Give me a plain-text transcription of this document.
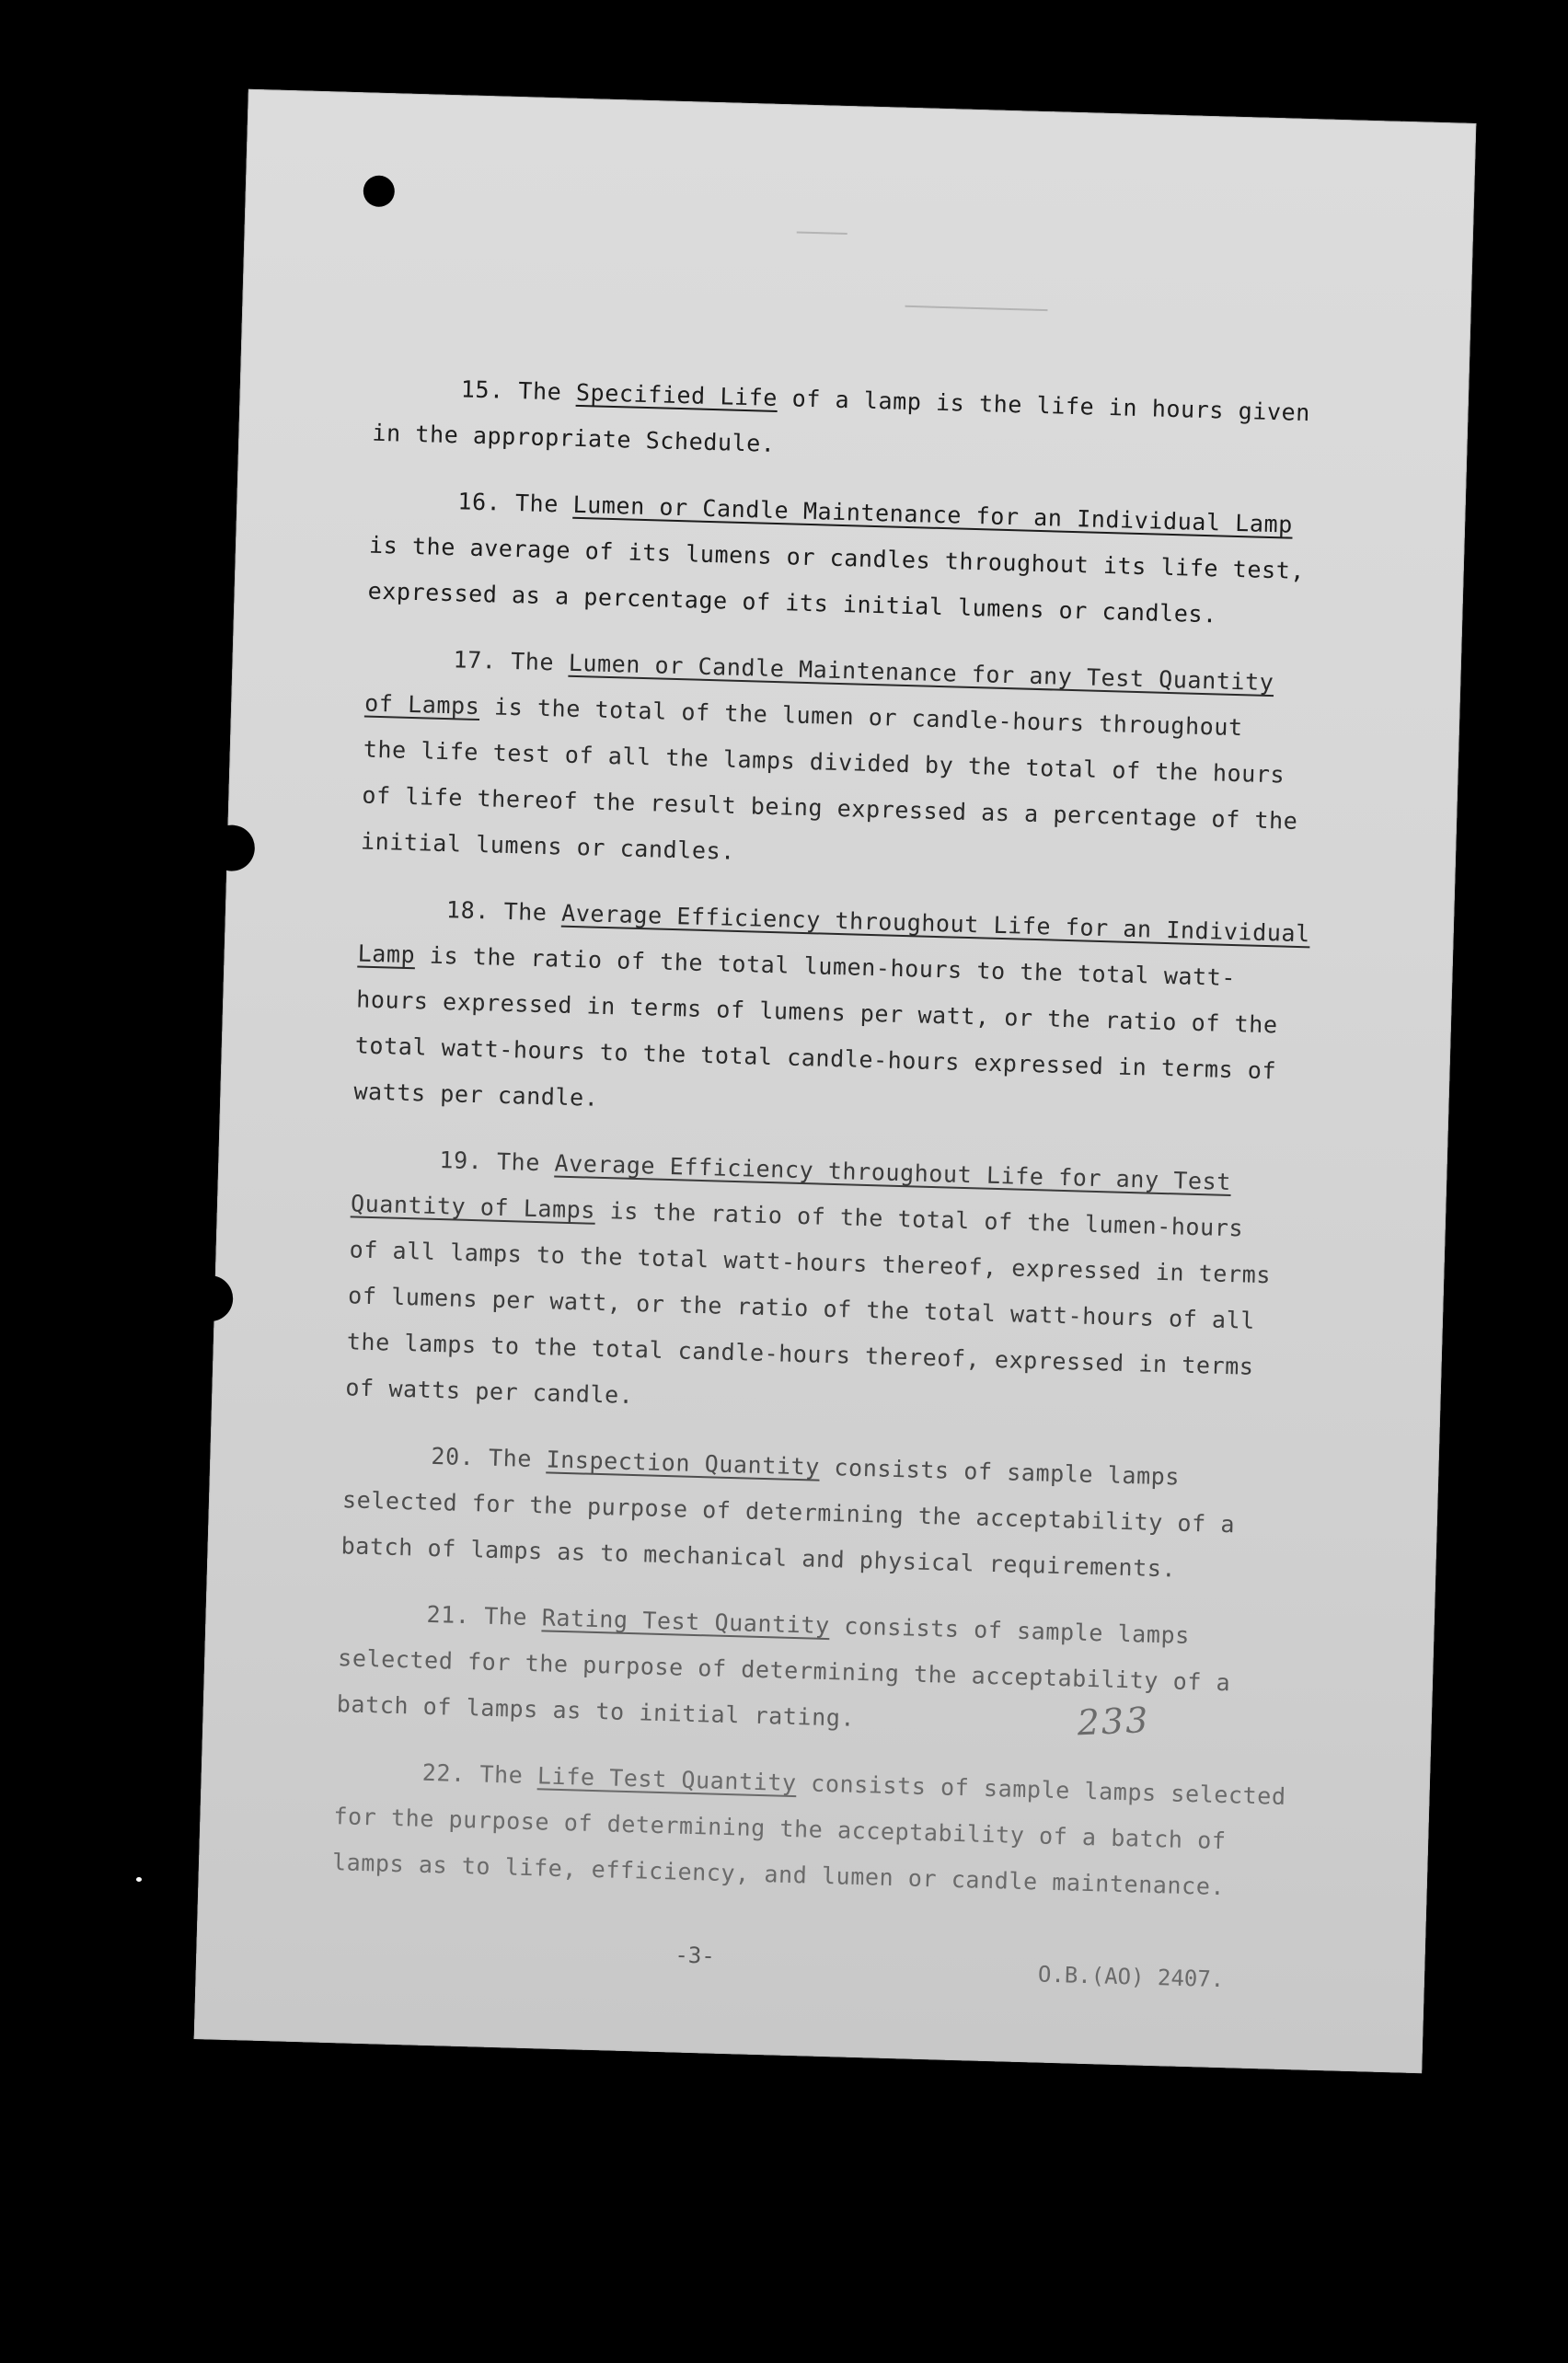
15. The Specified Life of a lamp is the life in hours given
in the appropriate Schedule.
16. The Lumen or Candle Maintenance for an Individual Lamp
is the average of its lumens or candles throughout its life test,
expressed as a percentage of its initial lumens or candles.
17. The Lumen or Candle Maintenance for any Test Quantity
of Lamps is the total of the lumen or candle-hours throughout
the life test of all the lamps divided by the total of the hours
of life thereof the result being expressed as a percentage of the
initial lumens or candles.
18. The Average Efficiency throughout Life for an Individual
Lamp is the ratio of the total lumen-hours to the total watt-
hours expressed in terms of lumens per watt, or the ratio of the
total watt-hours to the total candle-hours expressed in terms of
watts per candle.
19. The Average Efficiency throughout Life for any Test
Quantity of Lamps is the ratio of the total of the lumen-hours
of all lamps to the total watt-hours thereof, expressed in terms
of lumens per watt, or the ratio of the total watt-hours of all
the lamps to the total candle-hours thereof, expressed in terms
of watts per candle.
20. The Inspection Quantity consists of sample lamps
selected for the purpose of determining the acceptability of a
batch of lamps as to mechanical and physical requirements.
21. The Rating Test Quantity consists of sample lamps
selected for the purpose of determining the acceptability of a
batch of lamps as to initial rating.
22. The Life Test Quantity consists of sample lamps selected
for the purpose of determining the acceptability of a batch of
lamps as to life, efficiency, and lumen or candle maintenance.
233
-3-
O.B.(AO) 2407.
